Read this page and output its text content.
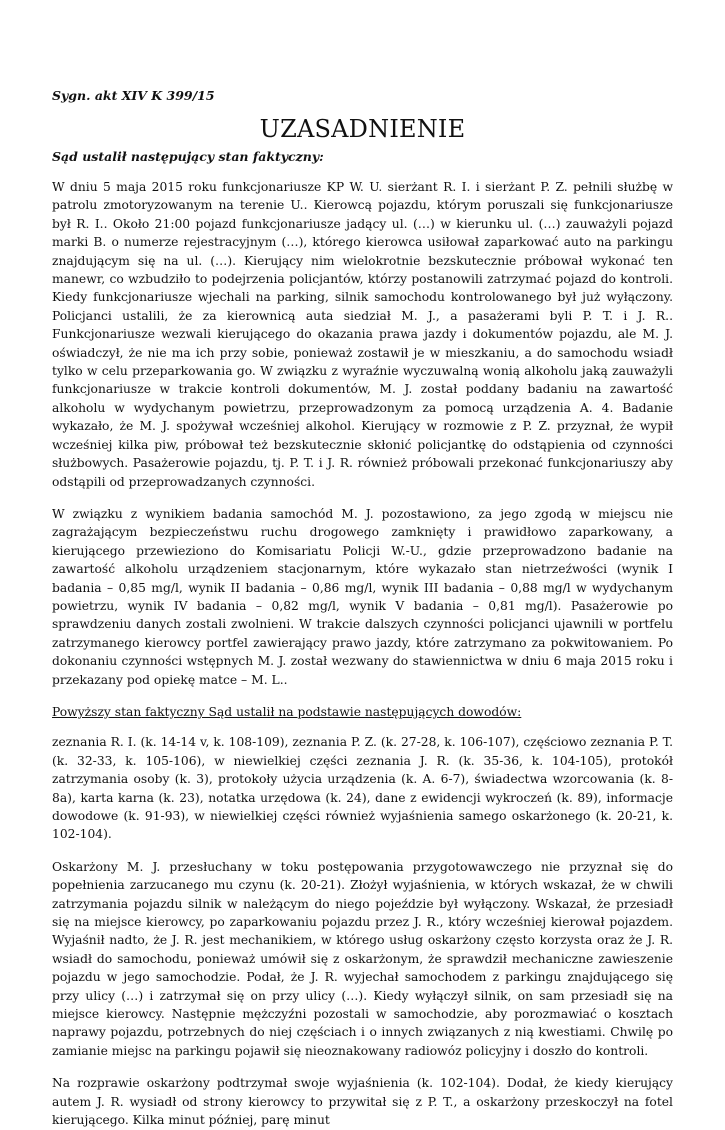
Sygn. akt XIV K 399/15

UZASADNIENIE

Sąd ustalił następujący stan faktyczny:

W dniu 5 maja 2015 roku funkcjonariusze KP W. U. sierżant R. I. i sierżant P. Z. pełnili służbę w patrolu zmotoryzowanym na terenie U.. Kierowcą pojazdu, którym poruszali się funkcjonariusze był R. I.. Około 21:00 pojazd funkcjonariusze jadący ul. (…) w kierunku ul. (…) zauważyli pojazd marki B. o numerze rejestracyjnym (…), którego kierowca usiłował zaparkować auto na parkingu znajdującym się na ul. (…). Kierujący nim wielokrotnie bezskutecznie próbował wykonać ten manewr, co wzbudziło to podejrzenia policjantów, którzy postanowili zatrzymać pojazd do kontroli. Kiedy funkcjonariusze wjechali na parking, silnik samochodu kontrolowanego był już wyłączony. Policjanci ustalili, że za kierownicą auta siedział M. J., a pasażerami byli P. T. i J. R.. Funkcjonariusze wezwali kierującego do okazania prawa jazdy i dokumentów pojazdu, ale M. J. oświadczył, że nie ma ich przy sobie, ponieważ zostawił je w mieszkaniu, a do samochodu wsiadł tylko w celu przeparkowania go. W związku z wyraźnie wyczuwalną wonią alkoholu jaką zauważyli funkcjonariusze w trakcie kontroli dokumentów, M. J. został poddany badaniu na zawartość alkoholu w wydychanym powietrzu, przeprowadzonym za pomocą urządzenia A. 4. Badanie wykazało, że M. J. spożywał wcześniej alkohol. Kierujący w rozmowie z P. Z. przyznał, że wypił wcześniej kilka piw, próbował też bezskutecznie skłonić policjantkę do odstąpienia od czynności służbowych. Pasażerowie pojazdu, tj. P. T. i J. R. również próbowali przekonać funkcjonariuszy aby odstąpili od przeprowadzanych czynności.

W związku z wynikiem badania samochód M. J. pozostawiono, za jego zgodą w miejscu nie zagrażającym bezpieczeństwu ruchu drogowego zamknięty i prawidłowo zaparkowany, a kierującego przewieziono do Komisariatu Policji W.-U., gdzie przeprowadzono badanie na zawartość alkoholu urządzeniem stacjonarnym, które wykazało stan nietrzeźwości (wynik I badania – 0,85 mg/l, wynik II badania – 0,86 mg/l, wynik III badania – 0,88 mg/l w wydychanym powietrzu, wynik IV badania – 0,82 mg/l, wynik V badania – 0,81 mg/l). Pasażerowie po sprawdzeniu danych zostali zwolnieni. W trakcie dalszych czynności policjanci ujawnili w portfelu zatrzymanego kierowcy portfel zawierający prawo jazdy, które zatrzymano za pokwitowaniem. Po dokonaniu czynności wstępnych M. J. został wezwany do stawiennictwa w dniu 6 maja 2015 roku i przekazany pod opiekę matce – M. L..

Powyższy stan faktyczny Sąd ustalił na podstawie następujących dowodów:

zeznania R. I. (k. 14-14 v, k. 108-109), zeznania P. Z. (k. 27-28, k. 106-107), częściowo zeznania P. T. (k. 32-33, k. 105-106), w niewielkiej części zeznania J. R. (k. 35-36, k. 104-105), protokół zatrzymania osoby (k. 3), protokoły użycia urządzenia (k. A. 6-7), świadectwa wzorcowania (k. 8-8a), karta karna (k. 23), notatka urzędowa (k. 24), dane z ewidencji wykroczeń (k. 89), informacje dowodowe (k. 91-93), w niewielkiej części również wyjaśnienia samego oskarżonego (k. 20-21, k. 102-104).

Oskarżony M. J. przesłuchany w toku postępowania przygotowawczego nie przyznał się do popełnienia zarzucanego mu czynu (k. 20-21). Złożył wyjaśnienia, w których wskazał, że w chwili zatrzymania pojazdu silnik w należącym do niego pojeździe był wyłączony. Wskazał, że przesiadł się na miejsce kierowcy, po zaparkowaniu pojazdu przez J. R., który wcześniej kierował pojazdem. Wyjaśnił nadto, że J. R. jest mechanikiem, w którego usług oskarżony często korzysta oraz że J. R. wsiadł do samochodu, ponieważ umówił się z oskarżonym, że sprawdził mechaniczne zawieszenie pojazdu w jego samochodzie. Podał, że J. R. wyjechał samochodem z parkingu znajdującego się przy ulicy (…) i zatrzymał się on przy ulicy (…). Kiedy wyłączył silnik, on sam przesiadł się na miejsce kierowcy. Następnie mężczyźni pozostali w samochodzie, aby porozmawiać o kosztach naprawy pojazdu, potrzebnych do niej częściach i o innych związanych z nią kwestiami. Chwilę po zamianie miejsc na parkingu pojawił się nieoznakowany radiowóz policyjny i doszło do kontroli.

Na rozprawie oskarżony podtrzymał swoje wyjaśnienia (k. 102-104). Dodał, że kiedy kierujący autem J. R. wysiadł od strony kierowcy to przywitał się z P. T., a oskarżony przeskoczył na fotel kierującego. Kilka minut później, parę minut
